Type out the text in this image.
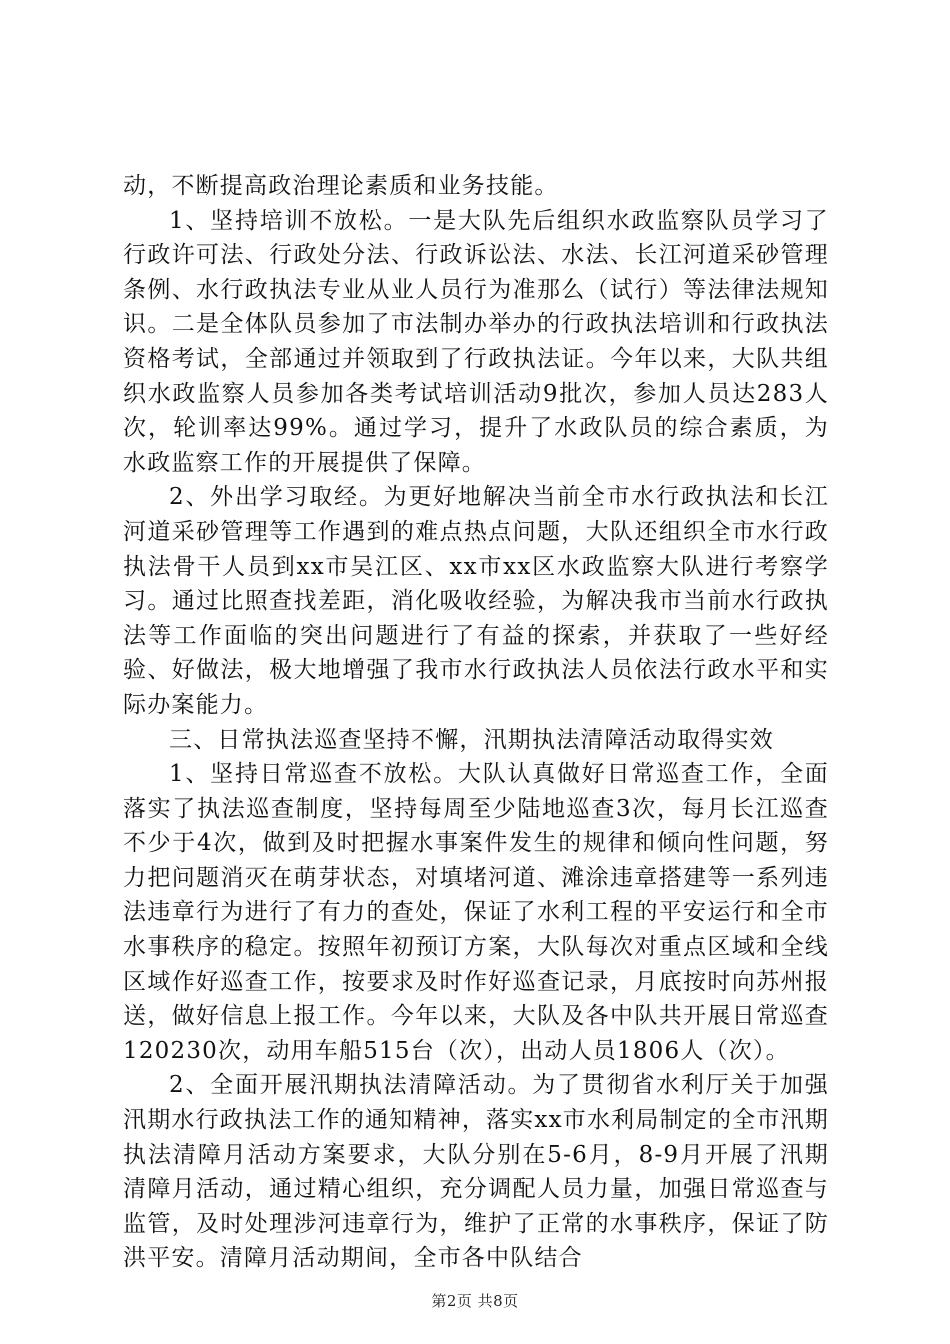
动，不断提高政治理论素质和业务技能。

1、坚持培训不放松。一是大队先后组织水政监察队员学习了行政许可法、行政处分法、行政诉讼法、水法、长江河道采砂管理条例、水行政执法专业从业人员行为准那么（试行）等法律法规知识。二是全体队员参加了市法制办举办的行政执法培训和行政执法资格考试，全部通过并领取到了行政执法证。今年以来，大队共组织水政监察人员参加各类考试培训活动9批次，参加人员达283人次，轮训率达99%。通过学习，提升了水政队员的综合素质，为水政监察工作的开展提供了保障。

2、外出学习取经。为更好地解决当前全市水行政执法和长江河道采砂管理等工作遇到的难点热点问题，大队还组织全市水行政执法骨干人员到xx市吴江区、xx市xx区水政监察大队进行考察学习。通过比照查找差距，消化吸收经验，为解决我市当前水行政执法等工作面临的突出问题进行了有益的探索，并获取了一些好经验、好做法，极大地增强了我市水行政执法人员依法行政水平和实际办案能力。

三、日常执法巡查坚持不懈，汛期执法清障活动取得实效

1、坚持日常巡查不放松。大队认真做好日常巡查工作，全面落实了执法巡查制度，坚持每周至少陆地巡查3次，每月长江巡查不少于4次，做到及时把握水事案件发生的规律和倾向性问题，努力把问题消灭在萌芽状态，对填堵河道、滩涂违章搭建等一系列违法违章行为进行了有力的查处，保证了水利工程的平安运行和全市水事秩序的稳定。按照年初预订方案，大队每次对重点区域和全线区域作好巡查工作，按要求及时作好巡查记录，月底按时向苏州报送，做好信息上报工作。今年以来，大队及各中队共开展日常巡查120230次，动用车船515台（次），出动人员1806人（次）。

2、全面开展汛期执法清障活动。为了贯彻省水利厅关于加强汛期水行政执法工作的通知精神，落实xx市水利局制定的全市汛期执法清障月活动方案要求，大队分别在5-6月，8-9月开展了汛期清障月活动，通过精心组织，充分调配人员力量，加强日常巡查与监管，及时处理涉河违章行为，维护了正常的水事秩序，保证了防洪平安。清障月活动期间，全市各中队结合

第2页 共8页
